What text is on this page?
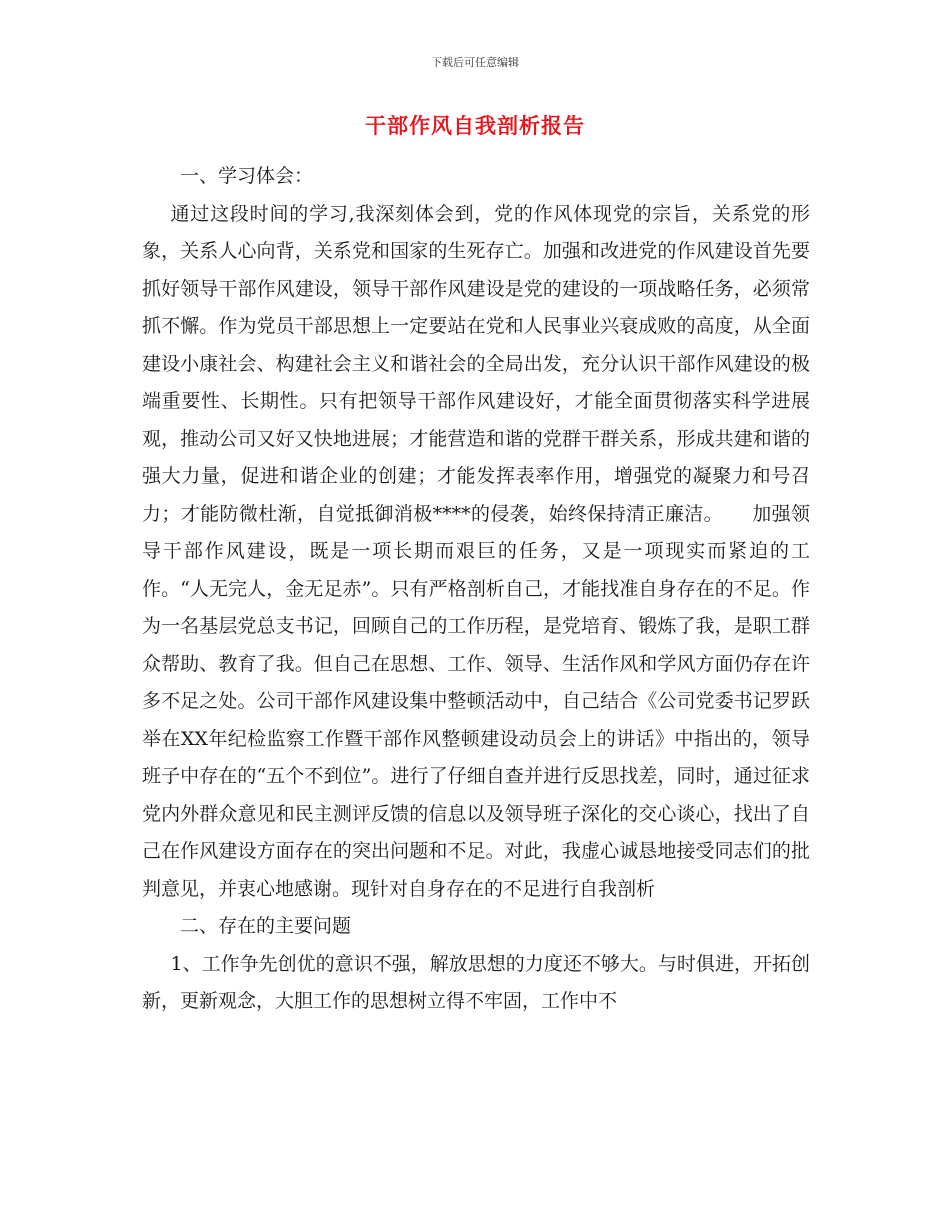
下载后可任意编辑
干部作风自我剖析报告

一、学习体会：

通过这段时间的学习,我深刻体会到，党的作风体现党的宗旨，关系党的形象，关系人心向背，关系党和国家的生死存亡。加强和改进党的作风建设首先要抓好领导干部作风建设，领导干部作风建设是党的建设的一项战略任务，必须常抓不懈。作为党员干部思想上一定要站在党和人民事业兴衰成败的高度，从全面建设小康社会、构建社会主义和谐社会的全局出发，充分认识干部作风建设的极端重要性、长期性。只有把领导干部作风建设好，才能全面贯彻落实科学进展观，推动公司又好又快地进展；才能营造和谐的党群干群关系，形成共建和谐的强大力量，促进和谐企业的创建；才能发挥表率作用，增强党的凝聚力和号召力；才能防微杜渐，自觉抵御消极****的侵袭，始终保持清正廉洁。　　加强领导干部作风建设，既是一项长期而艰巨的任务，又是一项现实而紧迫的工作。“人无完人，金无足赤”。只有严格剖析自己，才能找准自身存在的不足。作为一名基层党总支书记，回顾自己的工作历程，是党培育、锻炼了我，是职工群众帮助、教育了我。但自己在思想、工作、领导、生活作风和学风方面仍存在许多不足之处。公司干部作风建设集中整顿活动中，自己结合《公司党委书记罗跃举在XX年纪检监察工作暨干部作风整顿建设动员会上的讲话》中指出的，领导班子中存在的“五个不到位”。进行了仔细自查并进行反思找差，同时，通过征求党内外群众意见和民主测评反馈的信息以及领导班子深化的交心谈心，找出了自己在作风建设方面存在的突出问题和不足。对此，我虚心诚恳地接受同志们的批判意见，并衷心地感谢。现针对自身存在的不足进行自我剖析

二、存在的主要问题

1、工作争先创优的意识不强，解放思想的力度还不够大。与时俱进，开拓创新，更新观念，大胆工作的思想树立得不牢固，工作中不
